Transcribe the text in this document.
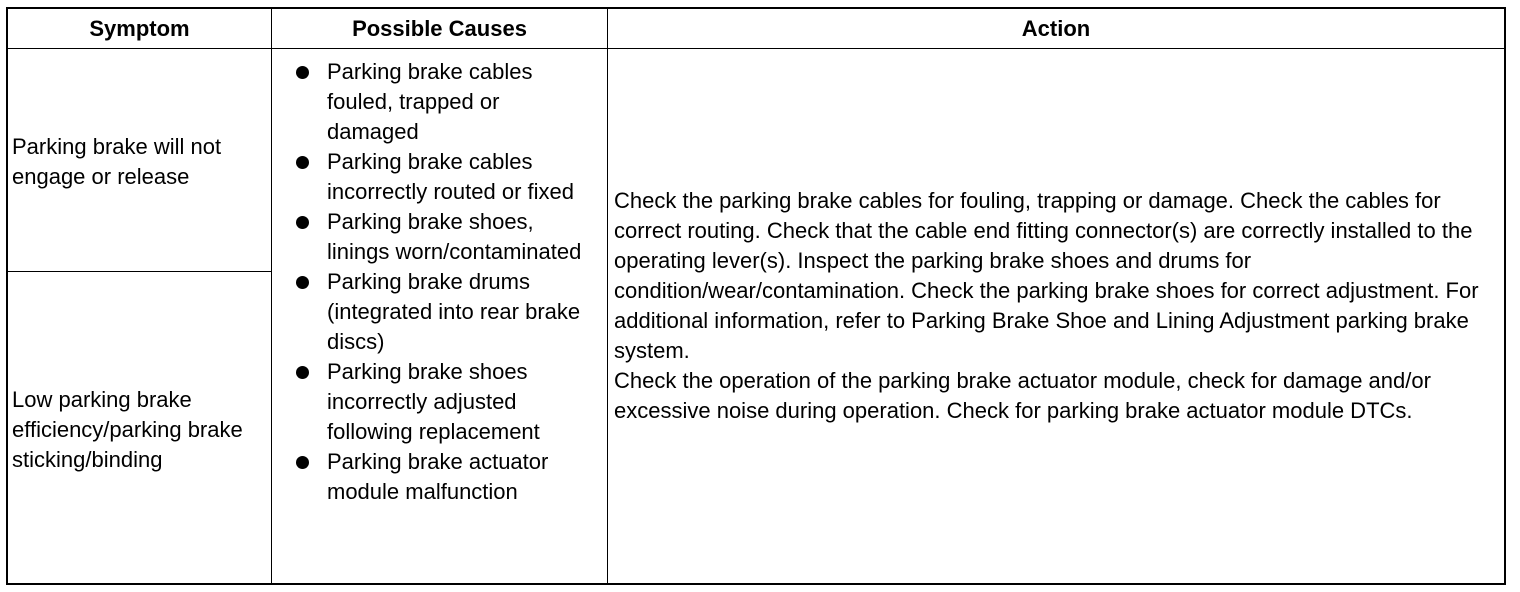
Symptom	Possible Causes	Action
Parking brake will not engage or release
Low parking brake efficiency/parking brake sticking/binding
Parking brake cables fouled, trapped or damaged
Parking brake cables incorrectly routed or fixed
Parking brake shoes, linings worn/contaminated
Parking brake drums (integrated into rear brake discs)
Parking brake shoes incorrectly adjusted following replacement
Parking brake actuator module malfunction

Check the parking brake cables for fouling, trapping or damage. Check the cables for correct routing. Check that the cable end fitting connector(s) are correctly installed to the operating lever(s). Inspect the parking brake shoes and drums for condition/wear/contamination. Check the parking brake shoes for correct adjustment. For additional information, refer to Parking Brake Shoe and Lining Adjustment parking brake system.

Check the operation of the parking brake actuator module, check for damage and/or excessive noise during operation. Check for parking brake actuator module DTCs.
